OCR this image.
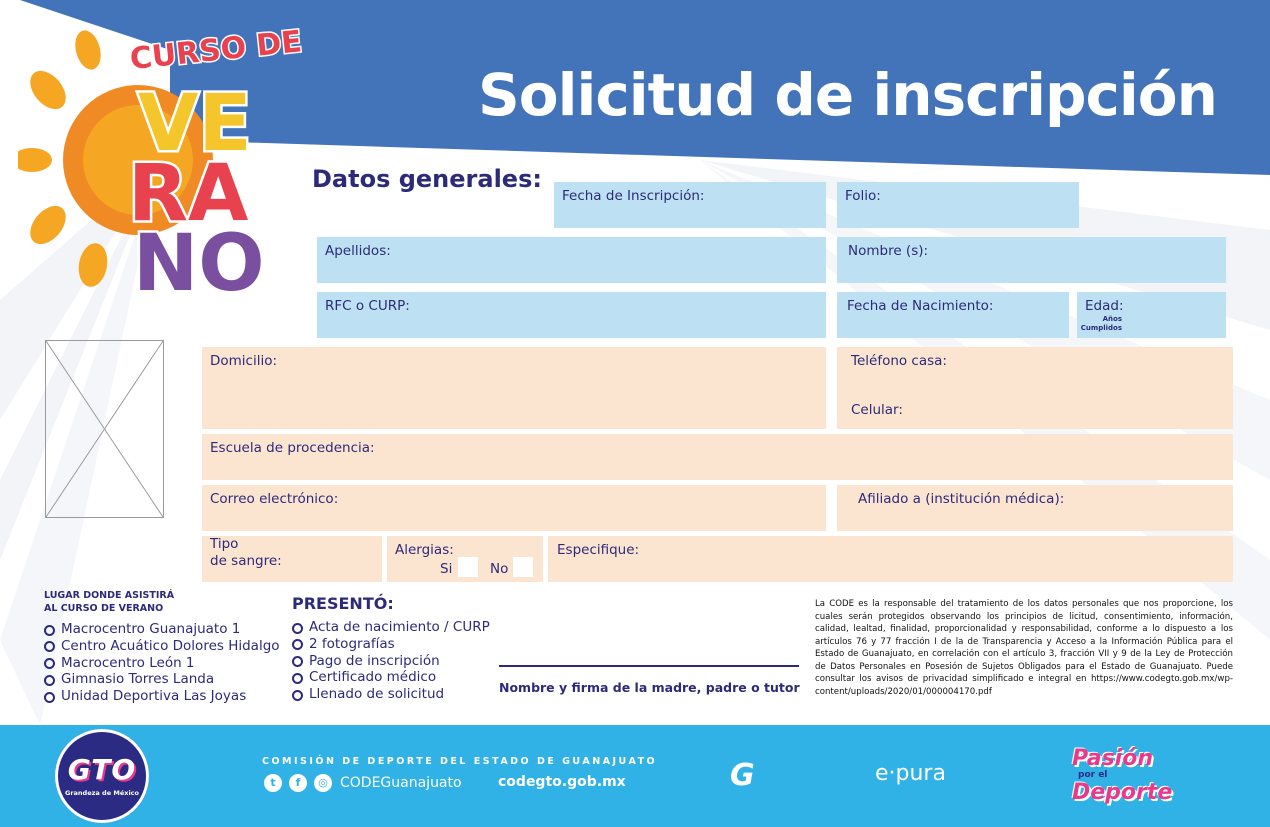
Solicitud de inscripción
CURSO DE
VE
RA
NO
Datos generales:
Fecha de Inscripción:	Folio:
Apellidos:	Nombre (s):
RFC o CURP:	Fecha de Nacimiento:	Edad:
Años
Cumplidos
Domicilio:	Teléfono casa:
Celular:
Escuela de procedencia:
Correo electrónico:	Afiliado a (institución médica):
Tipo
de sangre:
Alergias:
Si	No
Especifique:
LUGAR DONDE ASISTIRÁ
AL CURSO DE VERANO
Macrocentro Guanajuato 1
Centro Acuático Dolores Hidalgo
Macrocentro León 1
Gimnasio Torres Landa
Unidad Deportiva Las Joyas
PRESENTÓ:
Acta de nacimiento / CURP
2 fotografías
Pago de inscripción
Certificado médico
Llenado de solicitud	Nombre y firma de la madre, padre o tutor
La CODE es la responsable del tratamiento de los datos personales que nos proporcione, los cuales serán protegidos observando los principios de licitud, consentimiento, información, calidad, lealtad, finalidad, proporcionalidad y responsabilidad, conforme a lo dispuesto a los artículos 76 y 77 fracción I de la de Transparencia y Acceso a la Información Pública para el Estado de Guanajuato, en correlación con el artículo 3, fracción VII y 9 de la Ley de Protección de Datos Personales en Posesión de Sujetos Obligados para el Estado de Guanajuato. Puede consultar los avisos de privacidad simplificado e integral en https://www.codegto.gob.mx/wp-content/uploads/2020/01/000004170.pdf
GTO
Grandeza de México
COMISIÓN DE DEPORTE DEL ESTADO DE GUANAJUATO
t	f	◎ CODEGuanajuato	codegto.gob.mx	G	e·pura
Pasión
por el
Deporte
